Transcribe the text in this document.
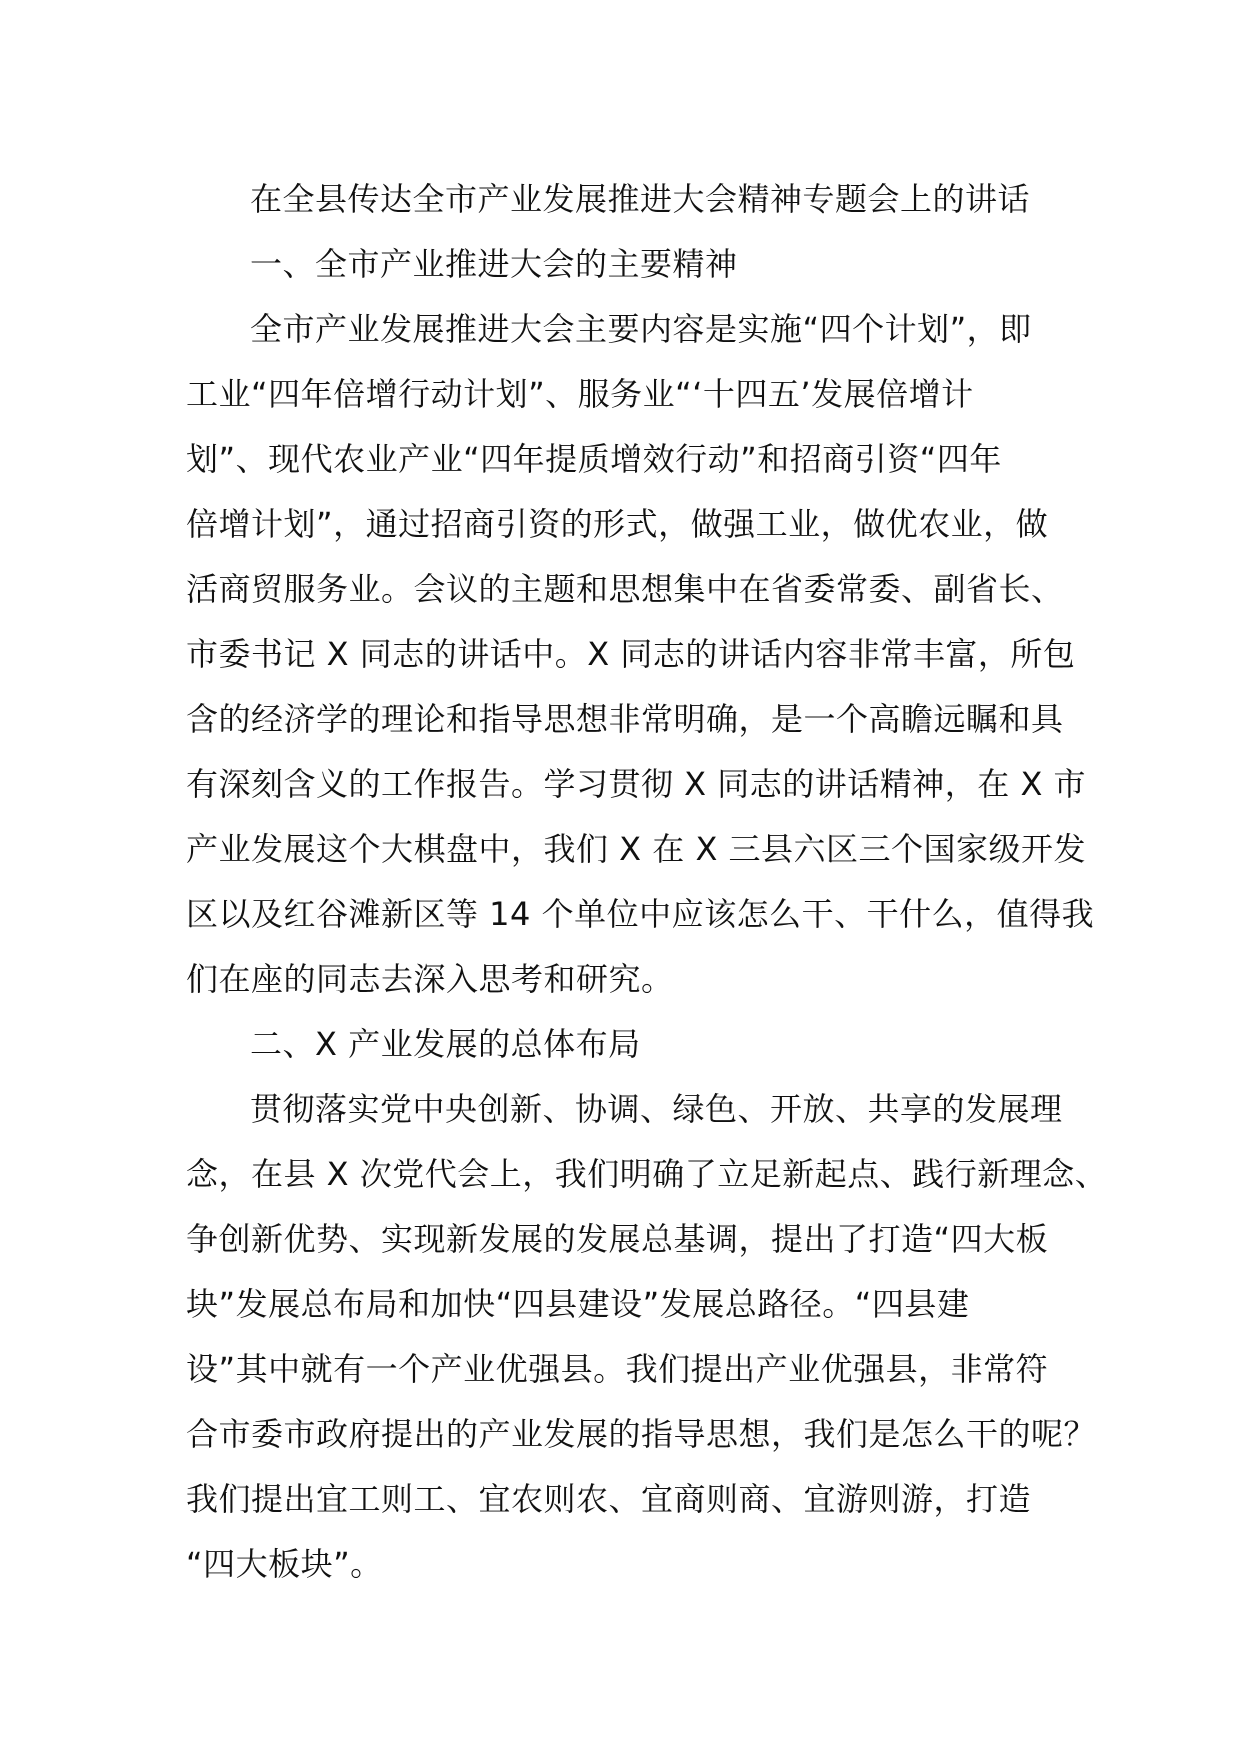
在全县传达全市产业发展推进大会精神专题会上的讲话
一、全市产业推进大会的主要精神
全市产业发展推进大会主要内容是实施“四个计划”，即
工业“四年倍增行动计划”、服务业“‘十四五’发展倍增计
划”、现代农业产业“四年提质增效行动”和招商引资“四年
倍增计划”，通过招商引资的形式，做强工业，做优农业，做
活商贸服务业。会议的主题和思想集中在省委常委、副省长、
市委书记 X 同志的讲话中。X 同志的讲话内容非常丰富，所包
含的经济学的理论和指导思想非常明确，是一个高瞻远瞩和具
有深刻含义的工作报告。学习贯彻 X 同志的讲话精神，在 X 市
产业发展这个大棋盘中，我们 X 在 X 三县六区三个国家级开发
区以及红谷滩新区等 14 个单位中应该怎么干、干什么，值得我
们在座的同志去深入思考和研究。
二、X 产业发展的总体布局
贯彻落实党中央创新、协调、绿色、开放、共享的发展理
念，在县 X 次党代会上，我们明确了立足新起点、践行新理念、
争创新优势、实现新发展的发展总基调，提出了打造“四大板
块”发展总布局和加快“四县建设”发展总路径。“四县建
设”其中就有一个产业优强县。我们提出产业优强县，非常符
合市委市政府提出的产业发展的指导思想，我们是怎么干的呢？
我们提出宜工则工、宜农则农、宜商则商、宜游则游，打造
“四大板块”。
